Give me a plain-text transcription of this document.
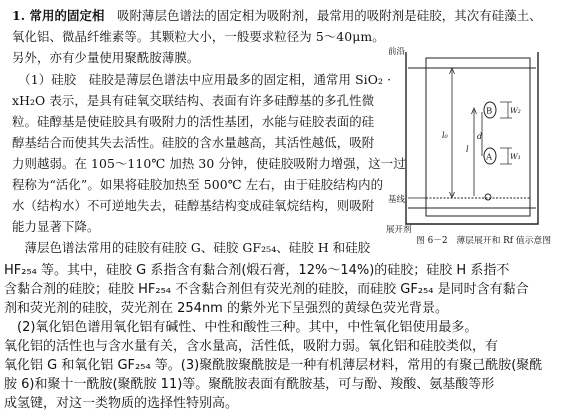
1. 常用的固定相　吸附薄层色谱法的固定相为吸附剂，最常用的吸附剂是硅胶，其次有硅藻土、
氧化铝、微晶纤维素等。其颗粒大小，一般要求粒径为 5～40μm。
另外，亦有少量使用聚酰胺薄膜。
　（1）硅胶　硅胶是薄层色谱法中应用最多的固定相，通常用 SiO₂ ·
xH₂O 表示，是具有硅氧交联结构、表面有许多硅醇基的多孔性微
粒。硅醇基是使硅胶具有吸附力的活性基团，水能与硅胶表面的硅
醇基结合而使其失去活性。硅胶的含水量越高，其活性越低，吸附
力则越弱。在 105～110℃ 加热 30 分钟，使硅胶吸附力增强，这一过
程称为“活化”。如果将硅胶加热至 500℃ 左右，由于硅胶结构内的
水（结构水）不可逆地失去，硅醇基结构变成硅氧烷结构，则吸附
能力显著下降。
　薄层色谱法常用的硅胶有硅胶 G、硅胶 GF₂₅₄、硅胶 H 和硅胶
前沿
基线
展开剂
l₀
l
d
B
A
W₂
W₁
图 6－2　薄层展开和 Rf 值示意图
HF₂₅₄ 等。其中，硅胶 G 系指含有黏合剂(煅石膏，12%～14%)的硅胶；硅胶 H 系指不
含黏合剂的硅胶；硅胶 HF₂₅₄ 不含黏合剂但有荧光剂的硅胶，而硅胶 GF₂₅₄ 是同时含有黏合
剂和荧光剂的硅胶，荧光剂在 254nm 的紫外光下呈强烈的黄绿色荧光背景。
　(2)氧化铝色谱用氧化铝有碱性、中性和酸性三种。其中，中性氧化铝使用最多。
氧化铝的活性也与含水量有关，含水量高，活性低，吸附力弱。氧化铝和硅胶类似，有
氧化铝 G 和氧化铝 GF₂₅₄ 等。(3)聚酰胺聚酰胺是一种有机薄层材料，常用的有聚己酰胺(聚酰
胺 6)和聚十一酰胺(聚酰胺 11)等。聚酰胺表面有酰胺基，可与酚、羧酸、氨基酸等形
成氢键，对这一类物质的选择性特别高。
